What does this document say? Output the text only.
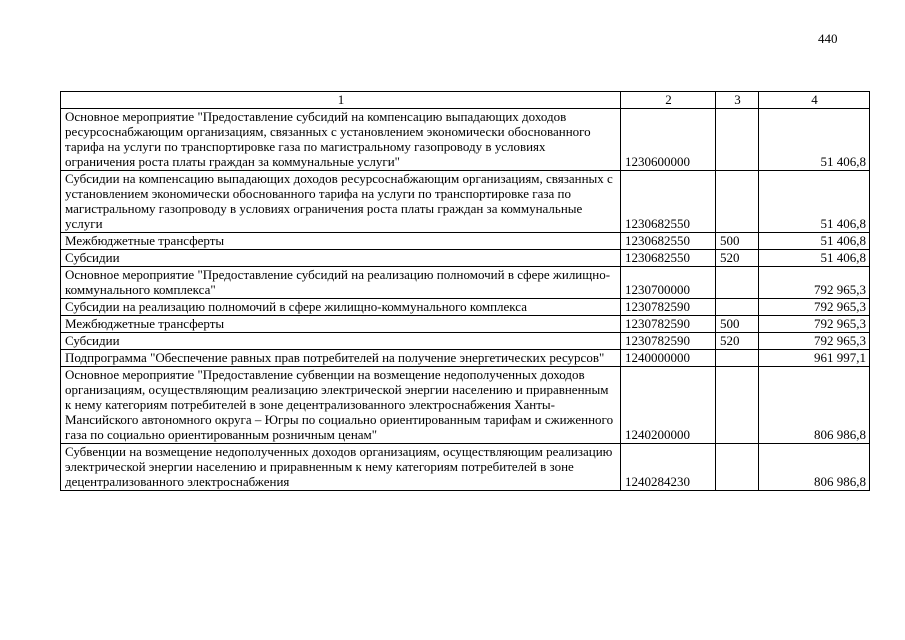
440
1	2	3	4
Основное мероприятие "Предоставление субсидий на компенсацию выпадающих доходов ресурсоснабжающим организациям, связанных с установлением экономически обоснованного тарифа на услуги по транспортировке газа по магистральному газопроводу в условиях ограничения роста платы граждан за коммунальные услуги"	1230600000		51 406,8
Субсидии на компенсацию выпадающих доходов ресурсоснабжающим организациям, связанных с установлением экономически обоснованного тарифа на услуги по транспортировке газа по магистральному газопроводу в условиях ограничения роста платы граждан за коммунальные услуги	1230682550		51 406,8
Межбюджетные трансферты	1230682550	500	51 406,8
Субсидии	1230682550	520	51 406,8
Основное мероприятие "Предоставление субсидий на реализацию полномочий в сфере жилищно-коммунального комплекса"	1230700000		792 965,3
Субсидии на реализацию полномочий в сфере жилищно-коммунального комплекса	1230782590		792 965,3
Межбюджетные трансферты	1230782590	500	792 965,3
Субсидии	1230782590	520	792 965,3
Подпрограмма "Обеспечение равных прав потребителей на получение энергетических ресурсов"	1240000000		961 997,1
Основное мероприятие "Предоставление субвенции на возмещение недополученных доходов организациям, осуществляющим реализацию электрической энергии населению и приравненным к нему категориям потребителей в зоне децентрализованного электроснабжения Ханты-Мансийского автономного округа – Югры по социально ориентированным тарифам и сжиженного газа по социально ориентированным розничным ценам"	1240200000		806 986,8
Субвенции на возмещение недополученных доходов организациям, осуществляющим реализацию электрической энергии населению и приравненным к нему категориям потребителей в зоне децентрализованного электроснабжения	1240284230		806 986,8
